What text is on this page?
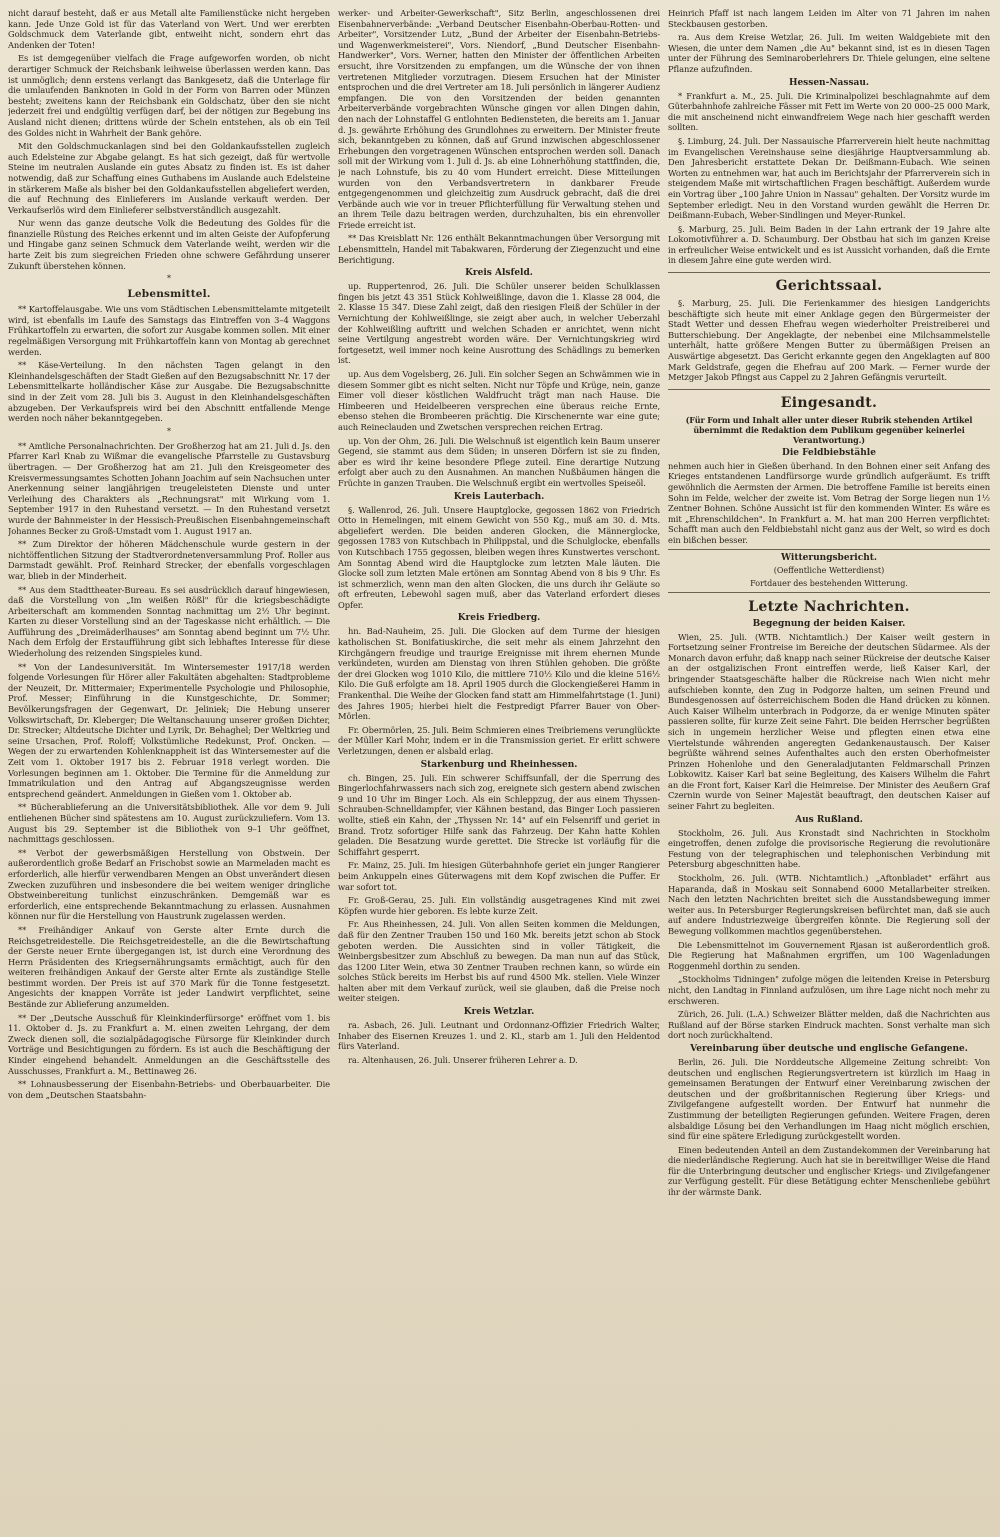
nicht darauf besteht, daß er aus Metall alte Familienstücke nicht hergeben kann. Jede Unze Gold ist für das Vaterland von Wert. Und wer ererbten Goldschmuck dem Vaterlande gibt, entweiht nicht, sondern ehrt das Andenken der Toten!

Es ist demgegenüber vielfach die Frage aufgeworfen worden, ob nicht derartiger Schmuck der Reichsbank leihweise überlassen werden kann. Das ist unmöglich; denn erstens verlangt das Bankgesetz, daß die Unterlage für die umlaufenden Banknoten in Gold in der Form von Barren oder Münzen besteht; zweitens kann der Reichsbank ein Goldschatz, über den sie nicht jederzeit frei und endgültig verfügen darf, bei der nötigen zur Begebung ins Ausland nicht dienen; drittens würde der Schein entstehen, als ob ein Teil des Goldes nicht in Wahrheit der Bank gehöre.

Mit den Goldschmuckanlagen sind bei den Goldankaufsstellen zugleich auch Edelsteine zur Abgabe gelangt. Es hat sich gezeigt, daß für wertvolle Steine im neutralen Auslande ein gutes Absatz zu finden ist. Es ist daher notwendig, daß zur Schaffung eines Guthabens im Auslande auch Edelsteine in stärkerem Maße als bisher bei den Goldankaufsstellen abgeliefert werden, die auf Rechnung des Einlieferers im Auslande verkauft werden. Der Verkaufserlös wird dem Einlieferer selbstverständlich ausgezahlt.

Nur wenn das ganze deutsche Volk die Bedeutung des Goldes für die finanzielle Rüstung des Reiches erkennt und im alten Geiste der Aufopferung und Hingabe ganz seinen Schmuck dem Vaterlande weiht, werden wir die harte Zeit bis zum siegreichen Frieden ohne schwere Gefährdung unserer Zukunft überstehen können.

*
Lebensmittel.

** Kartoffelausgabe. Wie uns vom Städtischen Lebensmittelamte mitgeteilt wird, ist ebenfalls im Laufe des Samstags das Eintreffen von 3–4 Waggons Frühkartoffeln zu erwarten, die sofort zur Ausgabe kommen sollen. Mit einer regelmäßigen Versorgung mit Frühkartoffeln kann von Montag ab gerechnet werden.

** Käse-Verteilung. In den nächsten Tagen gelangt in den Kleinhandelsgeschäften der Stadt Gießen auf den Bezugsabschnitt Nr. 17 der Lebensmittelkarte holländischer Käse zur Ausgabe. Die Bezugsabschnitte sind in der Zeit vom 28. Juli bis 3. August in den Kleinhandelsgeschäften abzugeben. Der Verkaufspreis wird bei den Abschnitt entfallende Menge werden noch näher bekanntgegeben.

*

** Amtliche Personalnachrichten. Der Großherzog hat am 21. Juli d. Js. den Pfarrer Karl Knab zu Wißmar die evangelische Pfarrstelle zu Gustavsburg übertragen. — Der Großherzog hat am 21. Juli den Kreisgeometer des Kreisvermessungsamtes Schotten Johann Joachim auf sein Nachsuchen unter Anerkennung seiner langjährigen treugeleisteten Dienste und unter Verleihung des Charakters als „Rechnungsrat" mit Wirkung vom 1. September 1917 in den Ruhestand versetzt. — In den Ruhestand versetzt wurde der Bahnmeister in der Hessisch-Preußischen Eisenbahngemeinschaft Johannes Becker zu Groß-Umstadt vom 1. August 1917 an.

** Zum Direktor der höheren Mädchenschule wurde gestern in der nichtöffentlichen Sitzung der Stadtverordnetenversammlung Prof. Roller aus Darmstadt gewählt. Prof. Reinhard Strecker, der ebenfalls vorgeschlagen war, blieb in der Minderheit.

** Aus dem Stadttheater-Bureau. Es sei ausdrücklich darauf hingewiesen, daß die Vorstellung von „Im weißen Rößl" für die kriegsbeschädigte Arbeiterschaft am kommenden Sonntag nachmittag um 2½ Uhr beginnt. Karten zu dieser Vorstellung sind an der Tageskasse nicht erhältlich. — Die Aufführung des „Dreimäderlhauses" am Sonntag abend beginnt um 7½ Uhr. Nach dem Erfolg der Erstaufführung gibt sich lebhaftes Interesse für diese Wiederholung des reizenden Singspieles kund.

** Von der Landesuniversität. Im Wintersemester 1917/18 werden folgende Vorlesungen für Hörer aller Fakultäten abgehalten: Stadtprobleme der Neuzeit, Dr. Mittermaier; Experimentelle Psychologie und Philosophie, Prof. Messer; Einführung in die Kunstgeschichte, Dr. Sommer; Bevölkerungsfragen der Gegenwart, Dr. Jeliniek; Die Hebung unserer Volkswirtschaft, Dr. Kleberger; Die Weltanschauung unserer großen Dichter, Dr. Strecker; Altdeutsche Dichter und Lyrik, Dr. Behaghel; Der Weltkrieg und seine Ursachen, Prof. Roloff; Volkstümliche Redekunst, Prof. Oncken. — Wegen der zu erwartenden Kohlenknappheit ist das Wintersemester auf die Zeit vom 1. Oktober 1917 bis 2. Februar 1918 verlegt worden. Die Vorlesungen beginnen am 1. Oktober. Die Termine für die Anmeldung zur Immatrikulation und den Antrag auf Abgangszeugnisse werden entsprechend geändert. Anmeldungen in Gießen vom 1. Oktober ab.

** Bücherablieferung an die Universitätsbibliothek. Alle vor dem 9. Juli entliehenen Bücher sind spätestens am 10. August zurückzuliefern. Vom 13. August bis 29. September ist die Bibliothek von 9–1 Uhr geöffnet, nachmittags geschlossen.

** Verbot der gewerbsmäßigen Herstellung von Obstwein. Der außerordentlich große Bedarf an Frischobst sowie an Marmeladen macht es erforderlich, alle hierfür verwendbaren Mengen an Obst unverändert diesen Zwecken zuzuführen und insbesondere die bei weitem weniger dringliche Obstweinbereitung tunlichst einzuschränken. Demgemäß war es erforderlich, eine entsprechende Bekanntmachung zu erlassen. Ausnahmen können nur für die Herstellung von Haustrunk zugelassen werden.

** Freihändiger Ankauf von Gerste alter Ernte durch die Reichsgetreidestelle. Die Reichsgetreidestelle, an die die Bewirtschaftung der Gerste neuer Ernte übergegangen ist, ist durch eine Verordnung des Herrn Präsidenten des Kriegsernährungsamts ermächtigt, auch für den weiteren freihändigen Ankauf der Gerste alter Ernte als zuständige Stelle bestimmt worden. Der Preis ist auf 370 Mark für die Tonne festgesetzt. Angesichts der knappen Vorräte ist jeder Landwirt verpflichtet, seine Bestände zur Ablieferung anzumelden.

** Der „Deutsche Ausschuß für Kleinkinderfürsorge" eröffnet vom 1. bis 11. Oktober d. Js. zu Frankfurt a. M. einen zweiten Lehrgang, der dem Zweck dienen soll, die sozialpädagogische Fürsorge für Kleinkinder durch Vorträge und Besichtigungen zu fördern. Es ist auch die Beschäftigung der Kinder eingehend behandelt. Anmeldungen an die Geschäftsstelle des Ausschusses, Frankfurt a. M., Bettinaweg 26.

** Lohnausbesserung der Eisenbahn-Betriebs- und Oberbauarbeiter. Die von dem „Deutschen Staatsbahn-

werker- und Arbeiter-Gewerkschaft", Sitz Berlin, angeschlossenen drei Eisenbahnerverbände: „Verband Deutscher Eisenbahn-Oberbau-Rotten- und Arbeiter", Vorsitzender Lutz, „Bund der Arbeiter der Eisenbahn-Betriebs- und Wagenwerkmeisterei", Vors. Niendorf, „Bund Deutscher Eisenbahn-Handwerker", Vors. Werner, hatten den Minister der öffentlichen Arbeiten ersucht, ihre Vorsitzenden zu empfangen, um die Wünsche der von ihnen vertretenen Mitglieder vorzutragen. Diesem Ersuchen hat der Minister entsprochen und die drei Vertreter am 18. Juli persönlich in längerer Audienz empfangen. Die von den Vorsitzenden der beiden genannten Arbeiterverbände vorgebrachten Wünsche gingen vor allen Dingen dahin, den nach der Lohnstaffel G entlohnten Bediensteten, die bereits am 1. Januar d. Js. gewährte Erhöhung des Grundlohnes zu erweitern. Der Minister freute sich, bekanntgeben zu können, daß auf Grund inzwischen abgeschlossener Erhebungen den vorgetragenen Wünschen entsprochen werden soll. Danach soll mit der Wirkung vom 1. Juli d. Js. ab eine Lohnerhöhung stattfinden, die, je nach Lohnstufe, bis zu 40 vom Hundert erreicht. Diese Mitteilungen wurden von den Verbandsvertretern in dankbarer Freude entgegengenommen und gleichzeitig zum Ausdruck gebracht, daß die drei Verbände auch wie vor in treuer Pflichterfüllung für Verwaltung stehen und an ihrem Teile dazu beitragen werden, durchzuhalten, bis ein ehrenvoller Friede erreicht ist.

** Das Kreisblatt Nr. 126 enthält Bekanntmachungen über Versorgung mit Lebensmitteln, Handel mit Tabakwaren, Förderung der Ziegenzucht und eine Berichtigung.

Kreis Alsfeld.

up. Ruppertenrod, 26. Juli. Die Schüler unserer beiden Schulklassen fingen bis jetzt 43 351 Stück Kohlweißlinge, davon die 1. Klasse 28 004, die 2. Klasse 15 347. Diese Zahl zeigt, daß den riesigen Fleiß der Schüler in der Vernichtung der Kohlweißlinge, sie zeigt aber auch, in welcher Ueberzahl der Kohlweißling auftritt und welchen Schaden er anrichtet, wenn nicht seine Vertilgung angestrebt worden wäre. Der Vernichtungskrieg wird fortgesetzt, weil immer noch keine Ausrottung des Schädlings zu bemerken ist.

up. Aus dem Vogelsberg, 26. Juli. Ein solcher Segen an Schwämmen wie in diesem Sommer gibt es nicht selten. Nicht nur Töpfe und Krüge, nein, ganze Eimer voll dieser köstlichen Waldfrucht trägt man nach Hause. Die Himbeeren und Heidelbeeren versprechen eine überaus reiche Ernte, ebenso stehen die Brombeeren prächtig. Die Kirschenernte war eine gute; auch Reineclauden und Zwetschen versprechen reichen Ertrag.

up. Von der Ohm, 26. Juli. Die Welschnuß ist eigentlich kein Baum unserer Gegend, sie stammt aus dem Süden; in unseren Dörfern ist sie zu finden, aber es wird ihr keine besondere Pflege zuteil. Eine derartige Nutzung erfolgt aber auch zu den Ausnahmen. An manchen Nußbäumen hängen die Früchte in ganzen Trauben. Die Welschnuß ergibt ein wertvolles Speiseöl.

Kreis Lauterbach.

§. Wallenrod, 26. Juli. Unsere Hauptglocke, gegossen 1862 von Friedrich Otto in Hemelingen, mit einem Gewicht von 550 Kg., muß am 30. d. Mts. abgeliefert werden. Die beiden anderen Glocken, die Männerglocke, gegossen 1783 von Kutschbach in Philippstal, und die Schulglocke, ebenfalls von Kutschbach 1755 gegossen, bleiben wegen ihres Kunstwertes verschont. Am Sonntag Abend wird die Hauptglocke zum letzten Male läuten. Die Glocke soll zum letzten Male ertönen am Sonntag Abend von 8 bis 9 Uhr. Es ist schmerzlich, wenn man den alten Glocken, die uns durch ihr Geläute so oft erfreuten, Lebewohl sagen muß, aber das Vaterland erfordert dieses Opfer.

Kreis Friedberg.

hn. Bad-Nauheim, 25. Juli. Die Glocken auf dem Turme der hiesigen katholischen St. Bonifatiuskirche, die seit mehr als einem Jahrzehnt den Kirchgängern freudige und traurige Ereignisse mit ihrem ehernen Munde verkündeten, wurden am Dienstag von ihren Stühlen gehoben. Die größte der drei Glocken wog 1010 Kilo, die mittlere 710½ Kilo und die kleine 516½ Kilo. Die Guß erfolgte am 18. April 1905 durch die Glockengießerei Hamm in Frankenthal. Die Weihe der Glocken fand statt am Himmelfahrtstage (1. Juni) des Jahres 1905; hierbei hielt die Festpredigt Pfarrer Bauer von Ober-Mörlen.

Fr. Obermörlen, 25. Juli. Beim Schmieren eines Treibriemens verunglückte der Müller Karl Mohr, indem er in die Transmission geriet. Er erlitt schwere Verletzungen, denen er alsbald erlag.

Starkenburg und Rheinhessen.

ch. Bingen, 25. Juli. Ein schwerer Schiffsunfall, der die Sperrung des Bingerlochfahrwassers nach sich zog, ereignete sich gestern abend zwischen 9 und 10 Uhr im Binger Loch. Als ein Schleppzug, der aus einem Thyssen-Schrauben-Schnelldampfer, vier Kähnen bestand, das Binger Loch passieren wollte, stieß ein Kahn, der „Thyssen Nr. 14" auf ein Felsenriff und geriet in Brand. Trotz sofortiger Hilfe sank das Fahrzeug. Der Kahn hatte Kohlen geladen. Die Besatzung wurde gerettet. Die Strecke ist vorläufig für die Schiffahrt gesperrt.

Fr. Mainz, 25. Juli. Im hiesigen Güterbahnhofe geriet ein junger Rangierer beim Ankuppeln eines Güterwagens mit dem Kopf zwischen die Puffer. Er war sofort tot.

Fr. Groß-Gerau, 25. Juli. Ein vollständig ausgetragenes Kind mit zwei Köpfen wurde hier geboren. Es lebte kurze Zeit.

Fr. Aus Rheinhessen, 24. Juli. Von allen Seiten kommen die Meldungen, daß für den Zentner Trauben 150 und 160 Mk. bereits jetzt schon ab Stock geboten werden. Die Aussichten sind in voller Tätigkeit, die Weinbergsbesitzer zum Abschluß zu bewegen. Da man nun auf das Stück, das 1200 Liter Wein, etwa 30 Zentner Trauben rechnen kann, so würde ein solches Stück bereits im Herbst bis auf rund 4500 Mk. stellen. Viele Winzer halten aber mit dem Verkauf zurück, weil sie glauben, daß die Preise noch weiter steigen.

Kreis Wetzlar.

ra. Asbach, 26. Juli. Leutnant und Ordonnanz-Offizier Friedrich Walter, Inhaber des Eisernen Kreuzes 1. und 2. Kl., starb am 1. Juli den Heldentod fürs Vaterland.

ra. Altenhausen, 26. Juli. Unserer früheren Lehrer a. D.

Heinrich Pfaff ist nach langem Leiden im Alter von 71 Jahren im nahen Steckbausen gestorben.

ra. Aus dem Kreise Wetzlar, 26. Juli. Im weiten Waldgebiete mit den Wiesen, die unter dem Namen „die Au" bekannt sind, ist es in diesen Tagen unter der Führung des Seminaroberlehrers Dr. Thiele gelungen, eine seltene Pflanze aufzufinden.

Hessen-Nassau.

* Frankfurt a. M., 25. Juli. Die Kriminalpolizei beschlagnahmte auf dem Güterbahnhofe zahlreiche Fässer mit Fett im Werte von 20 000–25 000 Mark, die mit anscheinend nicht einwandfreiem Wege nach hier geschafft werden sollten.

§. Limburg, 24. Juli. Der Nassauische Pfarrerverein hielt heute nachmittag im Evangelischen Vereinshause seine diesjährige Hauptversammlung ab. Den Jahresbericht erstattete Dekan Dr. Deißmann-Eubach. Wie seinen Worten zu entnehmen war, hat auch im Berichtsjahr der Pfarrerverein sich in steigendem Maße mit wirtschaftlichen Fragen beschäftigt. Außerdem wurde ein Vortrag über „100 Jahre Union in Nassau" gehalten. Der Vorsitz wurde im September erledigt. Neu in den Vorstand wurden gewählt die Herren Dr. Deißmann-Eubach, Weber-Sindlingen und Meyer-Runkel.

§. Marburg, 25. Juli. Beim Baden in der Lahn ertrank der 19 Jahre alte Lokomotivführer a. D. Schaumburg. Der Obstbau hat sich im ganzen Kreise in erfreulicher Weise entwickelt und es ist Aussicht vorhanden, daß die Ernte in diesem Jahre eine gute werden wird.

Gerichtssaal.

§. Marburg, 25. Juli. Die Ferienkammer des hiesigen Landgerichts beschäftigte sich heute mit einer Anklage gegen den Bürgermeister der Stadt Wetter und dessen Ehefrau wegen wiederholter Preistreiberei und Butterschiebung. Der Angeklagte, der nebenbei eine Milchsammelstelle unterhält, hatte größere Mengen Butter zu übermäßigen Preisen an Auswärtige abgesetzt. Das Gericht erkannte gegen den Angeklagten auf 800 Mark Geldstrafe, gegen die Ehefrau auf 200 Mark. — Ferner wurde der Metzger Jakob Pfingst aus Cappel zu 2 Jahren Gefängnis verurteilt.

Eingesandt.

(Für Form und Inhalt aller unter dieser Rubrik stehenden Artikel übernimmt die Redaktion dem Publikum gegenüber keinerlei Verantwortung.)

Die Feldbiebstähle

nehmen auch hier in Gießen überhand. In den Bohnen einer seit Anfang des Krieges entstandenen Landfürsorge wurde gründlich aufgeräumt. Es trifft gewöhnlich die Aermsten der Armen. Die betroffene Familie ist bereits einen Sohn im Felde, welcher der zweite ist. Vom Betrag der Sorge liegen nun 1½ Zentner Bohnen. Schöne Aussicht ist für den kommenden Winter. Es wäre es mit „Ehrenschildchen". In Frankfurt a. M. hat man 200 Herren verpflichtet: Schafft man auch den Feldbiebstahl nicht ganz aus der Welt, so wird es doch ein bißchen besser.

Witterungsbericht.
(Oeffentliche Wetterdienst)
Fortdauer des bestehenden Witterung.
Letzte Nachrichten.
Begegnung der beiden Kaiser.

Wien, 25. Juli. (WTB. Nichtamtlich.) Der Kaiser weilt gestern in Fortsetzung seiner Frontreise im Bereiche der deutschen Südarmee. Als der Monarch davon erfuhr, daß knapp nach seiner Rückreise der deutsche Kaiser an der ostgalizischen Front eintreffen werde, ließ Kaiser Karl, der bringender Staatsgeschäfte halber die Rückreise nach Wien nicht mehr aufschieben konnte, den Zug in Podgorze halten, um seinen Freund und Bundesgenossen auf österreichischem Boden die Hand drücken zu können. Auch Kaiser Wilhelm unterbrach in Podgorze, da er wenige Minuten später passieren sollte, für kurze Zeit seine Fahrt. Die beiden Herrscher begrüßten sich in ungemein herzlicher Weise und pflegten einen etwa eine Viertelstunde währenden angeregten Gedankenaustausch. Der Kaiser begrüßte während seines Aufenthaltes auch den ersten Oberhofmeister Prinzen Hohenlohe und den Generaladjutanten Feldmarschall Prinzen Lobkowitz. Kaiser Karl bat seine Begleitung, des Kaisers Wilhelm die Fahrt an die Front fort, Kaiser Karl die Heimreise. Der Minister des Aeußern Graf Czernin wurde von Seiner Majestät beauftragt, den deutschen Kaiser auf seiner Fahrt zu begleiten.

Aus Rußland.

Stockholm, 26. Juli. Aus Kronstadt sind Nachrichten in Stockholm eingetroffen, denen zufolge die provisorische Regierung die revolutionäre Festung von der telegraphischen und telephonischen Verbindung mit Petersburg abgeschnitten habe.

Stockholm, 26. Juli. (WTB. Nichtamtlich.) „Aftonbladet" erfährt aus Haparanda, daß in Moskau seit Sonnabend 6000 Metallarbeiter streiken. Nach den letzten Nachrichten breitet sich die Ausstandsbewegung immer weiter aus. In Petersburger Regierungskreisen befürchtet man, daß sie auch auf andere Industriezweige übergreifen könnte. Die Regierung soll der Bewegung vollkommen machtlos gegenüberstehen.

Die Lebensmittelnot im Gouvernement Rjasan ist außerordentlich groß. Die Regierung hat Maßnahmen ergriffen, um 100 Wagenladungen Roggenmehl dorthin zu senden.

„Stockholms Tidningen" zufolge mögen die leitenden Kreise in Petersburg nicht, den Landtag in Finnland aufzulösen, um ihre Lage nicht noch mehr zu erschweren.

Zürich, 26. Juli. (L.A.) Schweizer Blätter melden, daß die Nachrichten aus Rußland auf der Börse starken Eindruck machten. Sonst verhalte man sich dort noch zurückhaltend.

Vereinbarung über deutsche und englische Gefangene.

Berlin, 26. Juli. Die Norddeutsche Allgemeine Zeitung schreibt: Von deutschen und englischen Regierungsvertretern ist kürzlich im Haag in gemeinsamen Beratungen der Entwurf einer Vereinbarung zwischen der deutschen und der großbritannischen Regierung über Kriegs- und Zivilgefangene aufgestellt worden. Der Entwurf hat nunmehr die Zustimmung der beteiligten Regierungen gefunden. Weitere Fragen, deren alsbaldige Lösung bei den Verhandlungen im Haag nicht möglich erschien, sind für eine spätere Erledigung zurückgestellt worden.

Einen bedeutenden Anteil an dem Zustandekommen der Vereinbarung hat die niederländische Regierung. Auch hat sie in bereitwilliger Weise die Hand für die Unterbringung deutscher und englischer Kriegs- und Zivilgefangener zur Verfügung gestellt. Für diese Betätigung echter Menschenliebe gebührt ihr der wärmste Dank.
